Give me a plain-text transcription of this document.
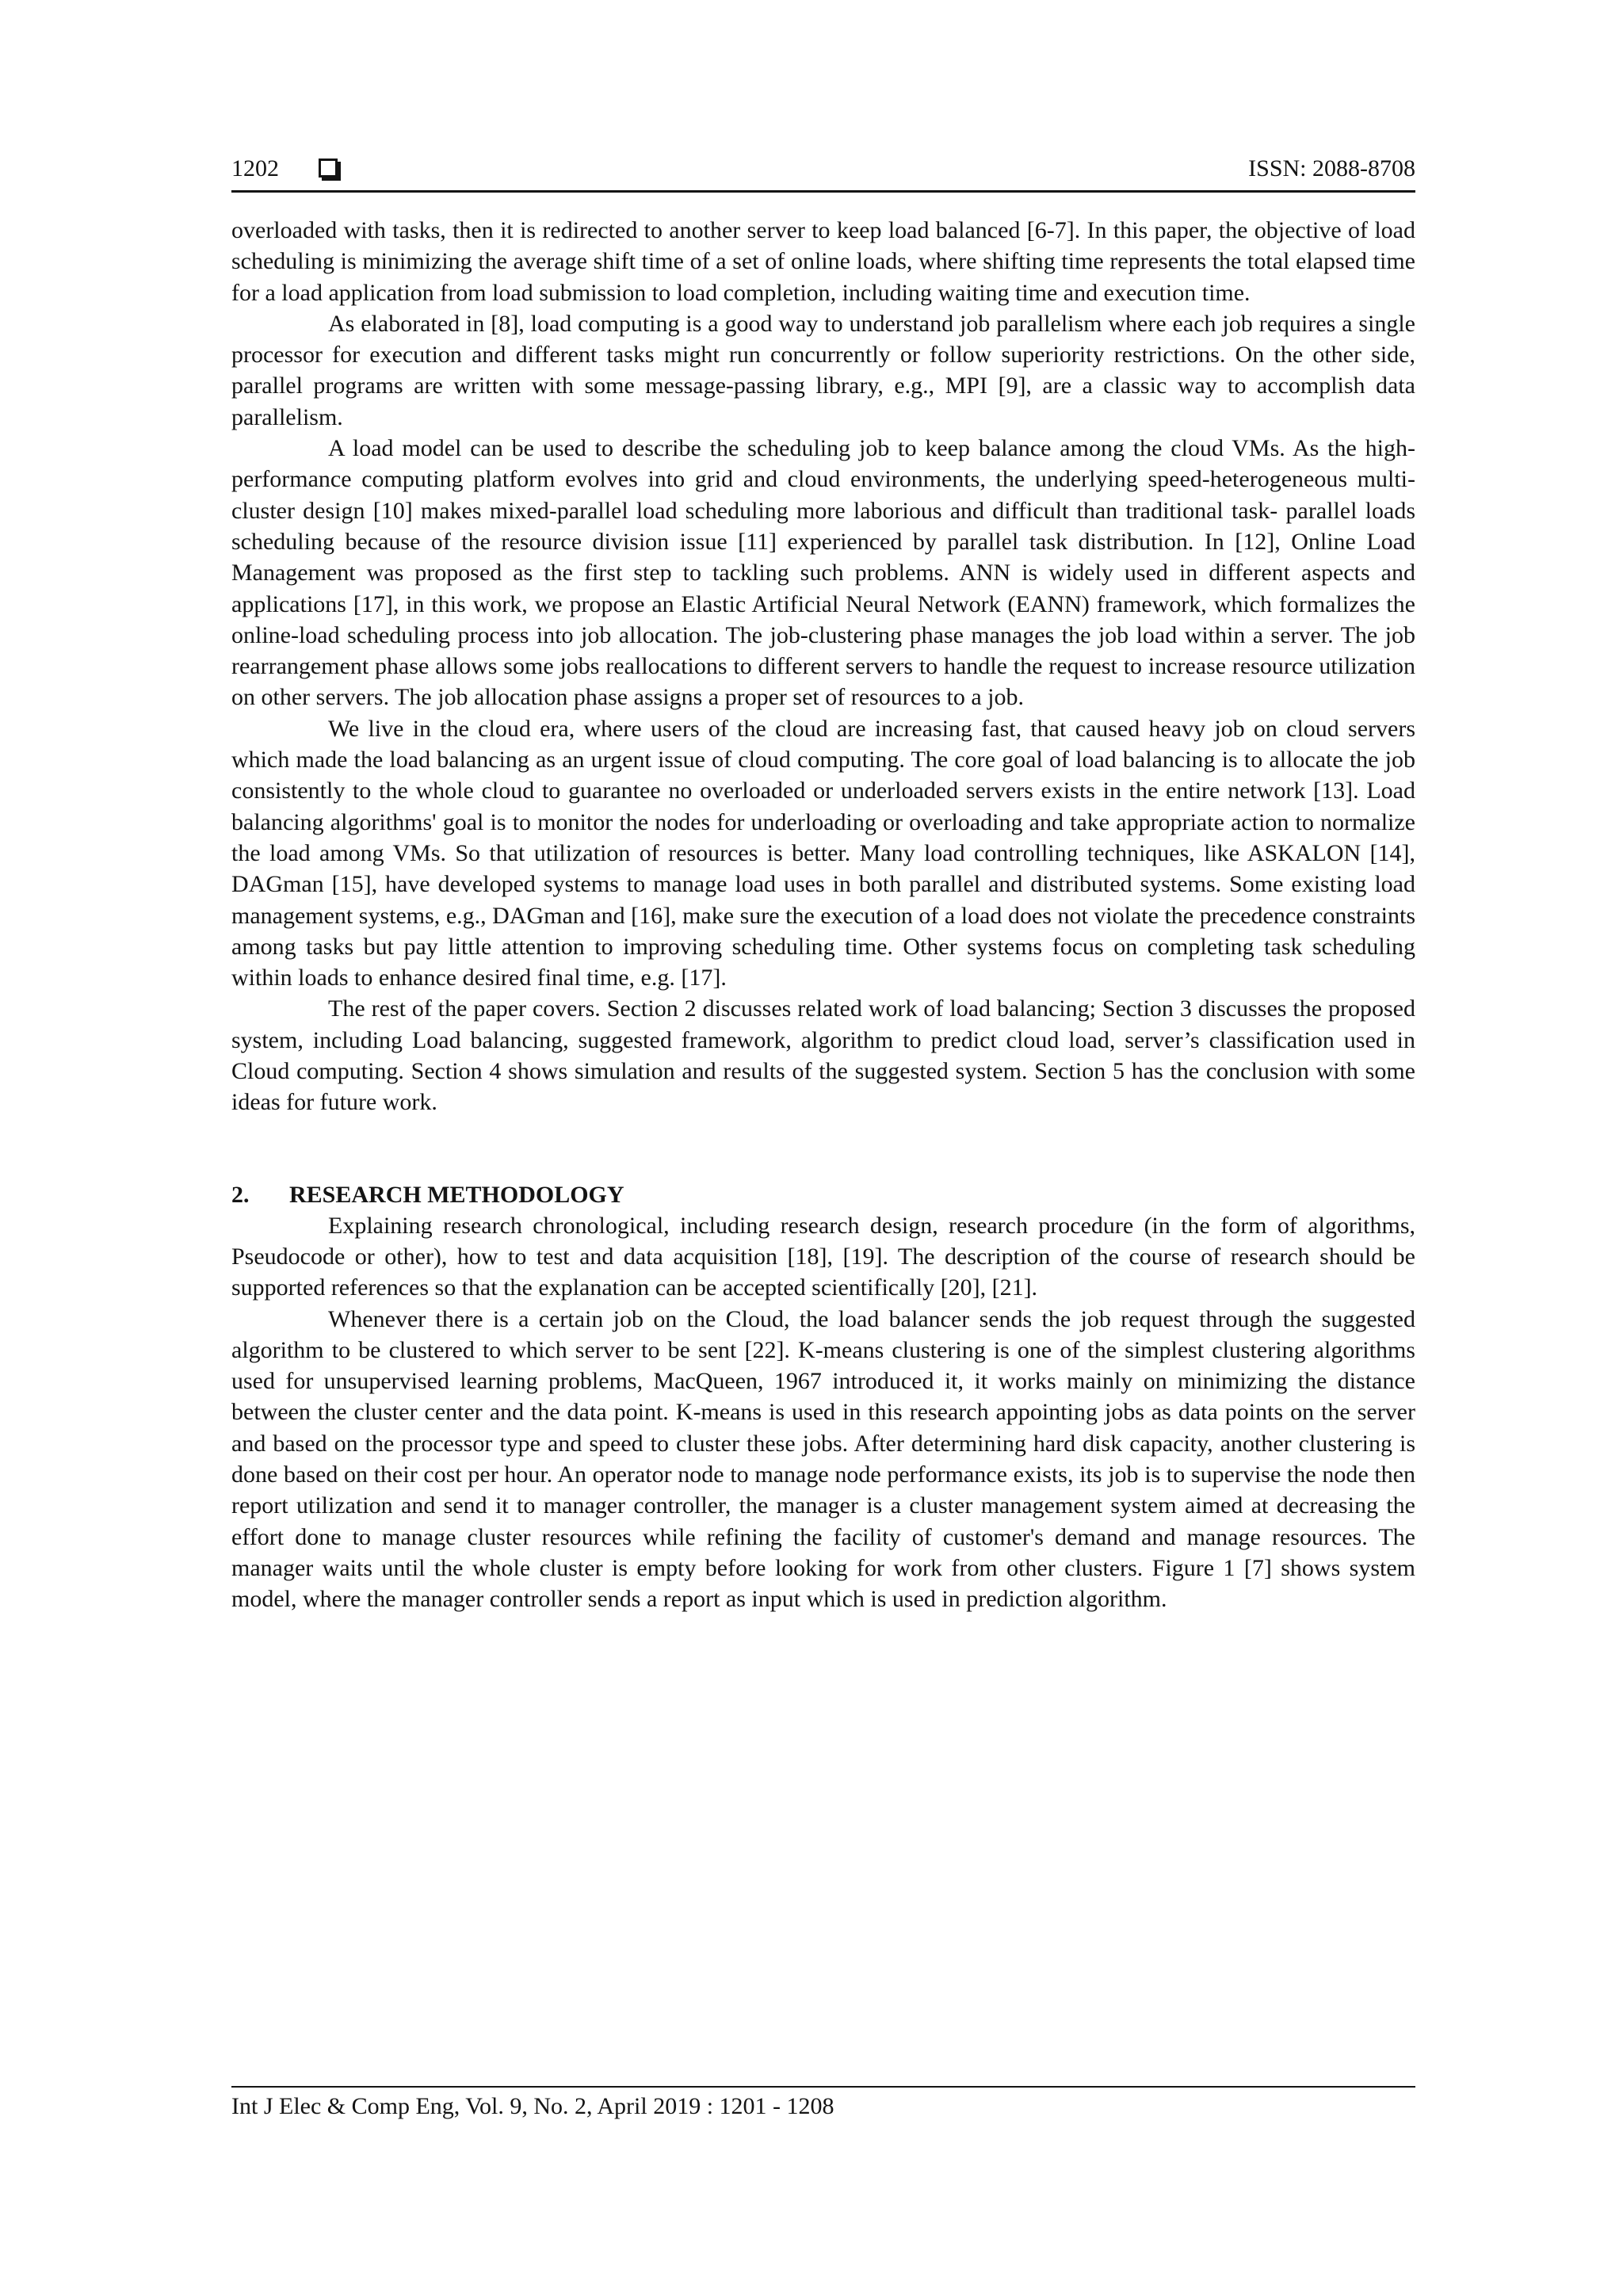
1202	ISSN: 2088-8708

overloaded with tasks, then it is redirected to another server to keep load balanced [6-7]. In this paper, the objective of load scheduling is minimizing the average shift time of a set of online loads, where shifting time represents the total elapsed time for a load application from load submission to load completion, including waiting time and execution time.

As elaborated in [8], load computing is a good way to understand job parallelism where each job requires a single processor for execution and different tasks might run concurrently or follow superiority restrictions. On the other side, parallel programs are written with some message-passing library, e.g., MPI [9], are a classic way to accomplish data parallelism.

A load model can be used to describe the scheduling job to keep balance among the cloud VMs. As the high-performance computing platform evolves into grid and cloud environments, the underlying speed-heterogeneous multi-cluster design [10] makes mixed-parallel load scheduling more laborious and difficult than traditional task- parallel loads scheduling because of the resource division issue [11] experienced by parallel task distribution. In [12], Online Load Management was proposed as the first step to tackling such problems. ANN is widely used in different aspects and applications [17], in this work, we propose an Elastic Artificial Neural Network (EANN) framework, which formalizes the online-load scheduling process into job allocation. The job-clustering phase manages the job load within a server. The job rearrangement phase allows some jobs reallocations to different servers to handle the request to increase resource utilization on other servers. The job allocation phase assigns a proper set of resources to a job.

We live in the cloud era, where users of the cloud are increasing fast, that caused heavy job on cloud servers which made the load balancing as an urgent issue of cloud computing. The core goal of load balancing is to allocate the job consistently to the whole cloud to guarantee no overloaded or underloaded servers exists in the entire network [13]. Load balancing algorithms' goal is to monitor the nodes for underloading or overloading and take appropriate action to normalize the load among VMs. So that utilization of resources is better. Many load controlling techniques, like ASKALON [14], DAGman [15], have developed systems to manage load uses in both parallel and distributed systems. Some existing load management systems, e.g., DAGman and [16], make sure the execution of a load does not violate the precedence constraints among tasks but pay little attention to improving scheduling time. Other systems focus on completing task scheduling within loads to enhance desired final time, e.g. [17].

The rest of the paper covers. Section 2 discusses related work of load balancing; Section 3 discusses the proposed system, including Load balancing, suggested framework, algorithm to predict cloud load, server’s classification used in Cloud computing. Section 4 shows simulation and results of the suggested system. Section 5 has the conclusion with some ideas for future work.

2. RESEARCH METHODOLOGY

Explaining research chronological, including research design, research procedure (in the form of algorithms, Pseudocode or other), how to test and data acquisition [18], [19]. The description of the course of research should be supported references so that the explanation can be accepted scientifically [20], [21].

Whenever there is a certain job on the Cloud, the load balancer sends the job request through the suggested algorithm to be clustered to which server to be sent [22]. K-means clustering is one of the simplest clustering algorithms used for unsupervised learning problems, MacQueen, 1967 introduced it, it works mainly on minimizing the distance between the cluster center and the data point. K-means is used in this research appointing jobs as data points on the server and based on the processor type and speed to cluster these jobs. After determining hard disk capacity, another clustering is done based on their cost per hour. An operator node to manage node performance exists, its job is to supervise the node then report utilization and send it to manager controller, the manager is a cluster management system aimed at decreasing the effort done to manage cluster resources while refining the facility of customer's demand and manage resources. The manager waits until the whole cluster is empty before looking for work from other clusters. Figure 1 [7] shows system model, where the manager controller sends a report as input which is used in prediction algorithm.

Int J Elec & Comp Eng, Vol. 9, No. 2, April 2019 : 1201 - 1208
